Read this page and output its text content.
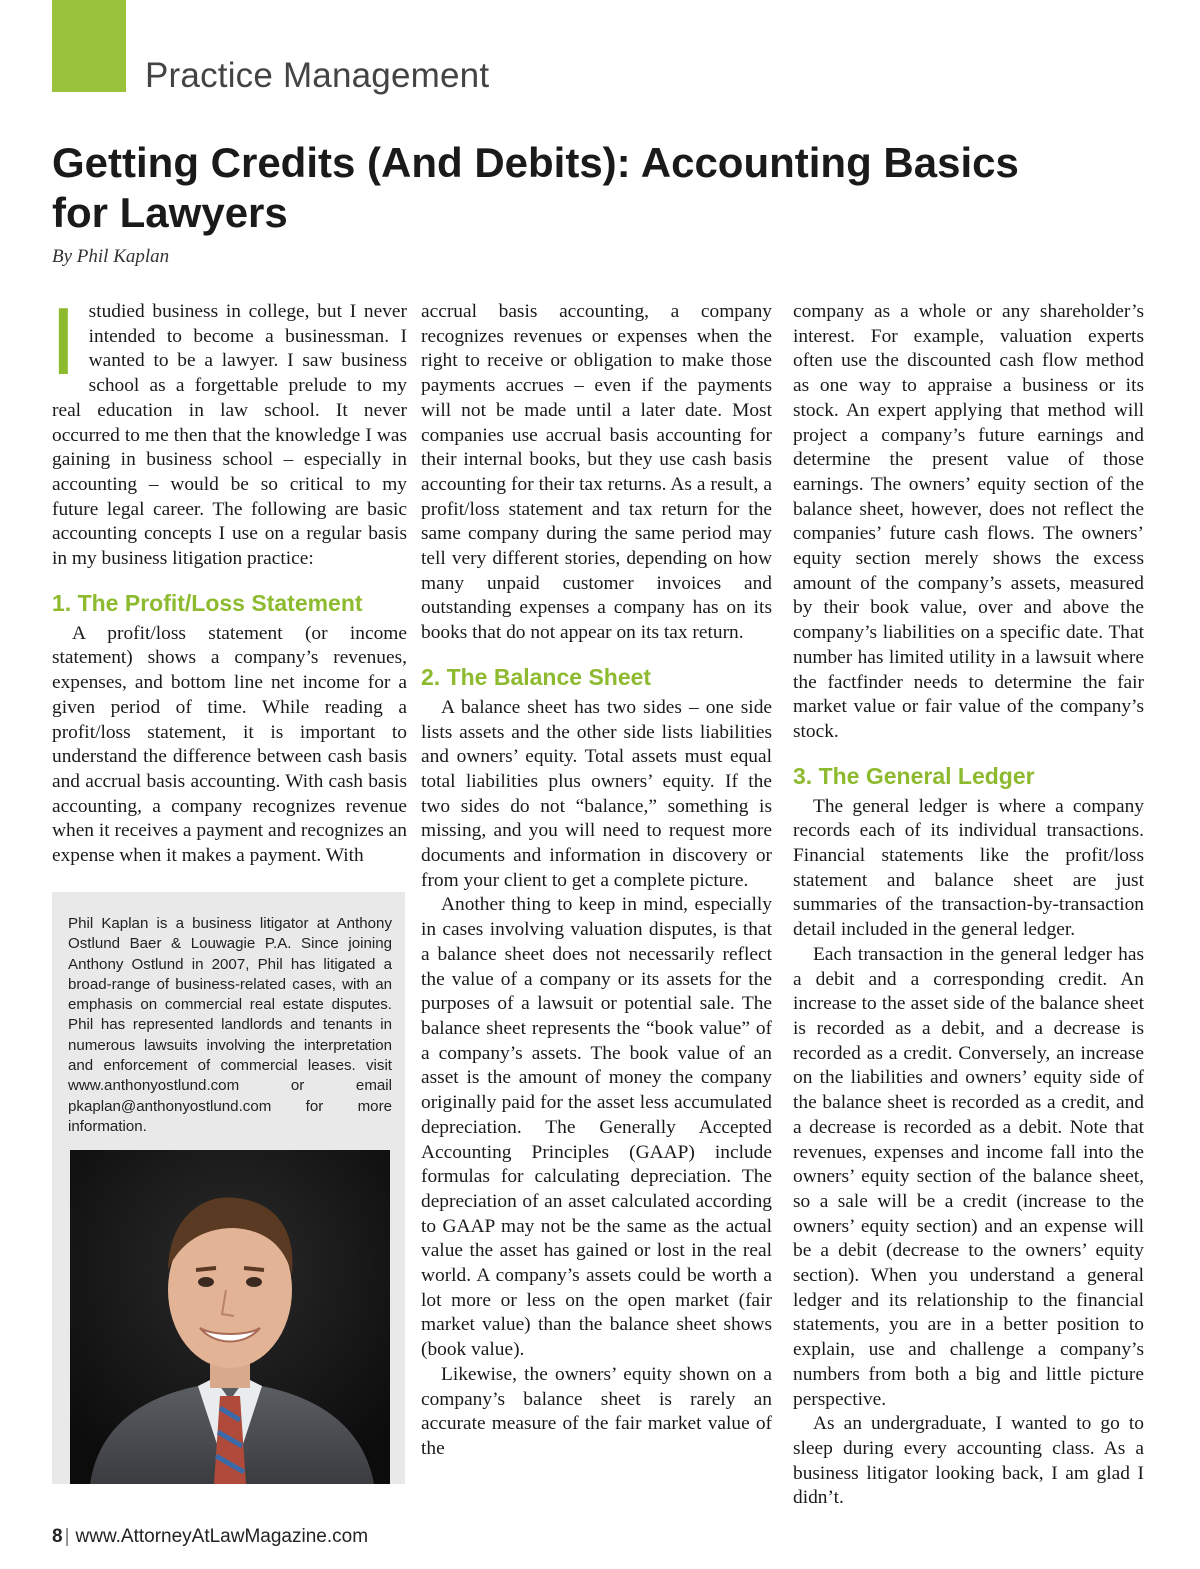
Practice Management
Getting Credits (And Debits): Accounting Basics for Lawyers

By Phil Kaplan

Istudied business in college, but I never intended to become a businessman. I wanted to be a lawyer. I saw business school as a forgettable prelude to my real education in law school. It never occurred to me then that the knowledge I was gaining in business school – especially in accounting – would be so critical to my future legal career. The following are basic accounting concepts I use on a regular basis in my business litigation practice:

1. The Profit/Loss Statement

A profit/loss statement (or income statement) shows a company’s revenues, expenses, and bottom line net income for a given period of time. While reading a profit/loss statement, it is important to understand the difference between cash basis and accrual basis accounting. With cash basis accounting, a company recognizes revenue when it receives a payment and recognizes an expense when it makes a payment. With

accrual basis accounting, a company recognizes revenues or expenses when the right to receive or obligation to make those payments accrues – even if the payments will not be made until a later date. Most companies use accrual basis accounting for their internal books, but they use cash basis accounting for their tax returns. As a result, a profit/loss statement and tax return for the same company during the same period may tell very different stories, depending on how many unpaid customer invoices and outstanding expenses a company has on its books that do not appear on its tax return.

2. The Balance Sheet

A balance sheet has two sides – one side lists assets and the other side lists liabilities and owners’ equity. Total assets must equal total liabilities plus owners’ equity. If the two sides do not “balance,” something is missing, and you will need to request more documents and information in discovery or from your client to get a complete picture.

Another thing to keep in mind, especially in cases involving valuation disputes, is that a balance sheet does not necessarily reflect the value of a company or its assets for the purposes of a lawsuit or potential sale. The balance sheet represents the “book value” of a company’s assets. The book value of an asset is the amount of money the company originally paid for the asset less accumulated depreciation. The Generally Accepted Accounting Principles (GAAP) include formulas for calculating depreciation. The depreciation of an asset calculated according to GAAP may not be the same as the actual value the asset has gained or lost in the real world. A company’s assets could be worth a lot more or less on the open market (fair market value) than the balance sheet shows (book value).

Likewise, the owners’ equity shown on a company’s balance sheet is rarely an accurate measure of the fair market value of the

company as a whole or any shareholder’s interest. For example, valuation experts often use the discounted cash flow method as one way to appraise a business or its stock. An expert applying that method will project a company’s future earnings and determine the present value of those earnings. The owners’ equity section of the balance sheet, however, does not reflect the companies’ future cash flows. The owners’ equity section merely shows the excess amount of the company’s assets, measured by their book value, over and above the company’s liabilities on a specific date. That number has limited utility in a lawsuit where the factfinder needs to determine the fair market value or fair value of the company’s stock.

3. The General Ledger

The general ledger is where a company records each of its individual transactions. Financial statements like the profit/loss statement and balance sheet are just summaries of the transaction-by-transaction detail included in the general ledger.

Each transaction in the general ledger has a debit and a corresponding credit. An increase to the asset side of the balance sheet is recorded as a debit, and a decrease is recorded as a credit. Conversely, an increase on the liabilities and owners’ equity side of the balance sheet is recorded as a credit, and a decrease is recorded as a debit. Note that revenues, expenses and income fall into the owners’ equity section of the balance sheet, so a sale will be a credit (increase to the owners’ equity section) and an expense will be a debit (decrease to the owners’ equity section). When you understand a general ledger and its relationship to the financial statements, you are in a better position to explain, use and challenge a company’s numbers from both a big and little picture perspective.

As an undergraduate, I wanted to go to sleep during every accounting class. As a business litigator looking back, I am glad I didn’t.

Phil Kaplan is a business litigator at Anthony Ostlund Baer & Louwagie P.A. Since joining Anthony Ostlund in 2007, Phil has litigated a broad-range of business-related cases, with an emphasis on commercial real estate disputes. Phil has represented landlords and tenants in numerous lawsuits involving the interpretation and enforcement of commercial leases. visit www.anthonyostlund.com or email pkaplan@anthonyostlund.com for more information.

8 | www.AttorneyAtLawMagazine.com
